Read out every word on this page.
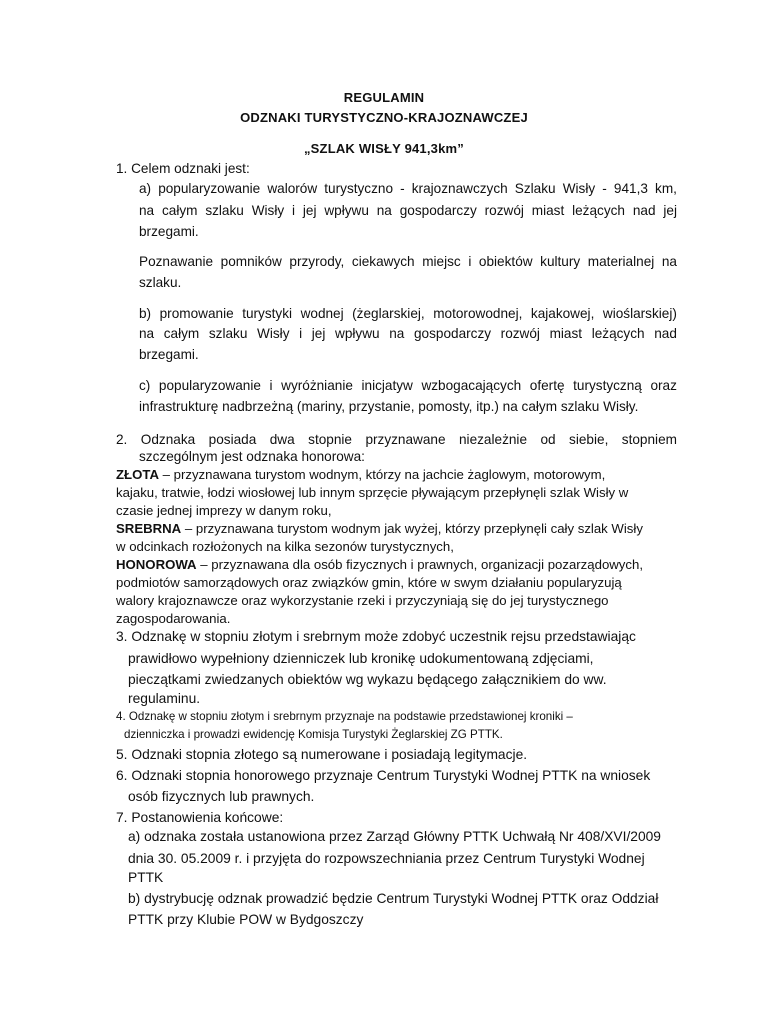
REGULAMIN
ODZNAKI TURYSTYCZNO-KRAJOZNAWCZEJ
„SZLAK WISŁY 941,3km”
1. Celem odznaki jest:
a) popularyzowanie walorów turystyczno - krajoznawczych Szlaku Wisły - 941,3 km,
na całym szlaku Wisły i jej wpływu na gospodarczy rozwój miast leżących nad jej
brzegami.
Poznawanie pomników przyrody, ciekawych miejsc i obiektów kultury materialnej na
szlaku.
b) promowanie turystyki wodnej (żeglarskiej, motorowodnej, kajakowej, wioślarskiej)
na całym szlaku Wisły i jej wpływu na gospodarczy rozwój miast leżących nad
brzegami.
c) popularyzowanie i wyróżnianie inicjatyw wzbogacających ofertę turystyczną oraz
infrastrukturę nadbrzeżną (mariny, przystanie, pomosty, itp.) na całym szlaku Wisły.
2. Odznaka posiada dwa stopnie przyznawane niezależnie od siebie, stopniem
szczególnym jest odznaka honorowa:
ZŁOTA – przyznawana turystom wodnym, którzy na jachcie żaglowym, motorowym,
kajaku, tratwie, łodzi wiosłowej lub innym sprzęcie pływającym przepłynęli szlak Wisły w
czasie jednej imprezy w danym roku,
SREBRNA – przyznawana turystom wodnym jak wyżej, którzy przepłynęli cały szlak Wisły
w odcinkach rozłożonych na kilka sezonów turystycznych,
HONOROWA – przyznawana dla osób fizycznych i prawnych, organizacji pozarządowych,
podmiotów samorządowych oraz związków gmin, które w swym działaniu popularyzują
walory krajoznawcze oraz wykorzystanie rzeki i przyczyniają się do jej turystycznego
zagospodarowania.
3. Odznakę w stopniu złotym i srebrnym może zdobyć uczestnik rejsu przedstawiając
prawidłowo wypełniony dzienniczek lub kronikę udokumentowaną zdjęciami,
pieczątkami zwiedzanych obiektów wg wykazu będącego załącznikiem do ww.
regulaminu.
4. Odznakę w stopniu złotym i srebrnym przyznaje na podstawie przedstawionej kroniki –
dzienniczka i prowadzi ewidencję Komisja Turystyki Żeglarskiej ZG PTTK.
5. Odznaki stopnia złotego są numerowane i posiadają legitymacje.
6. Odznaki stopnia honorowego przyznaje Centrum Turystyki Wodnej PTTK na wniosek
osób fizycznych lub prawnych.
7. Postanowienia końcowe:
a) odznaka została ustanowiona przez Zarząd Główny PTTK Uchwałą Nr 408/XVI/2009
dnia 30. 05.2009 r. i przyjęta do rozpowszechniania przez Centrum Turystyki Wodnej
PTTK
b) dystrybucję odznak prowadzić będzie Centrum Turystyki Wodnej PTTK oraz Oddział
PTTK przy Klubie POW w Bydgoszczy
